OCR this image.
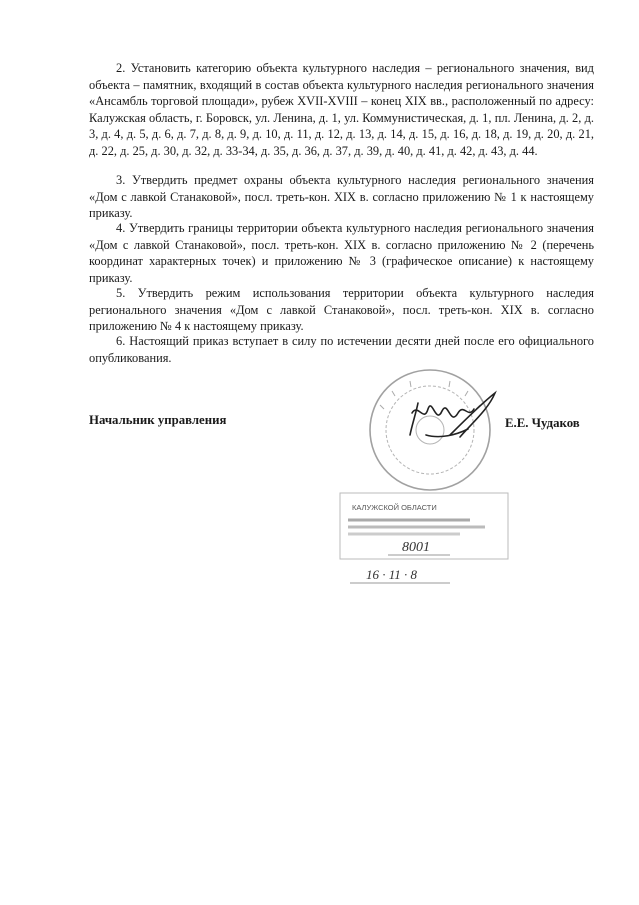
2. Установить категорию объекта культурного наследия – регионального значения, вид объекта – памятник, входящий в состав объекта культурного наследия регионального значения «Ансамбль торговой площади», рубеж XVII-XVIII – конец XIX вв., расположенный по адресу: Калужская область, г. Боровск, ул. Ленина, д. 1, ул. Коммунистическая, д. 1, пл. Ленина, д. 2, д. 3, д. 4, д. 5, д. 6, д. 7, д. 8, д. 9, д. 10, д. 11, д. 12, д. 13, д. 14, д. 15, д. 16, д. 18, д. 19, д. 20, д. 21, д. 22, д. 25, д. 30, д. 32, д. 33-34, д. 35, д. 36, д. 37, д. 39, д. 40, д. 41, д. 42, д. 43, д. 44.

3. Утвердить предмет охраны объекта культурного наследия регионального значения «Дом с лавкой Станаковой», посл. треть-кон. XIX в. согласно приложению № 1 к настоящему приказу.

4. Утвердить границы территории объекта культурного наследия регионального значения «Дом с лавкой Станаковой», посл. треть-кон. XIX в. согласно приложению № 2 (перечень координат характерных точек) и приложению № 3 (графическое описание) к настоящему приказу.

5. Утвердить режим использования территории объекта культурного наследия регионального значения «Дом с лавкой Станаковой», посл. треть-кон. XIX в. согласно приложению № 4 к настоящему приказу.

6. Настоящий приказ вступает в силу по истечении десяти дней после его официального опубликования.

Начальник управления	Е.Е. Чудаков

КАЛУЖСКОЙ ОБЛАСТИ
8001
16 · 11 · 8
